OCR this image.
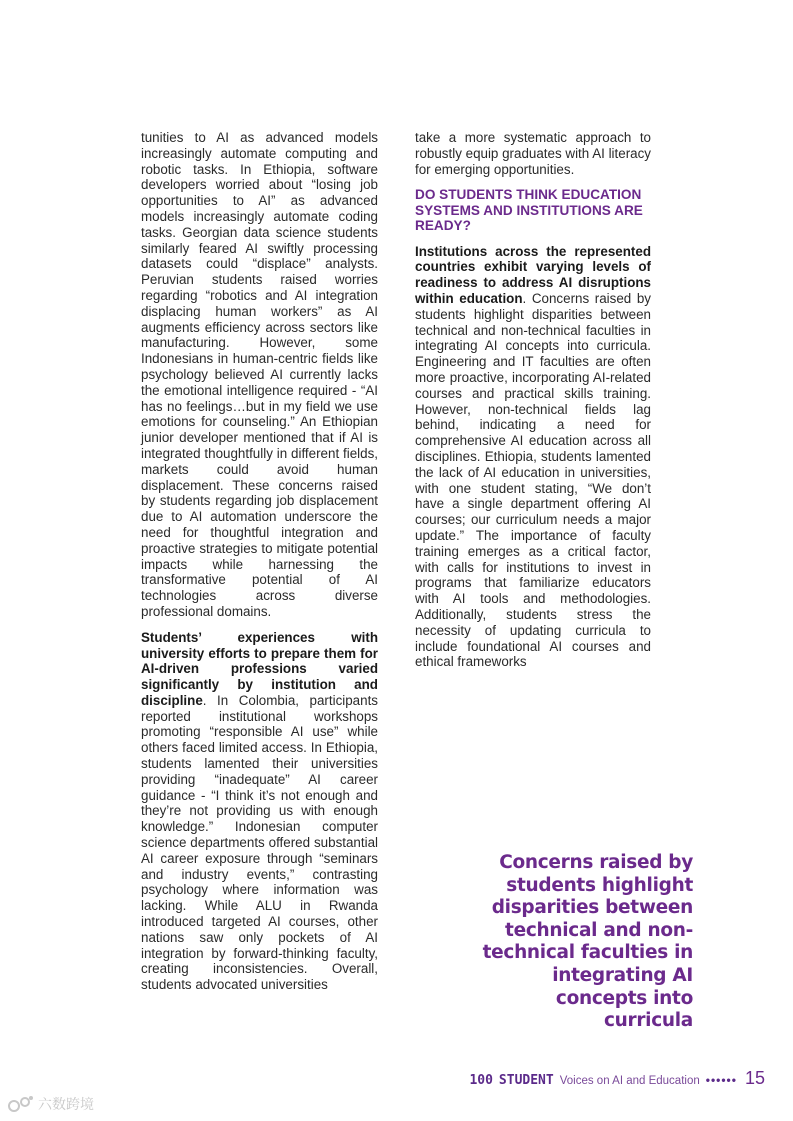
tunities to AI as advanced models increasingly automate computing and robotic tasks. In Ethiopia, software developers worried about “losing job opportunities to AI” as advanced models increasingly automate coding tasks. Georgian data science students similarly feared AI swiftly processing datasets could “displace” analysts. Peruvian students raised worries regarding “robotics and AI integration displacing human workers” as AI augments efficiency across sectors like manufacturing. However, some Indonesians in human-centric fields like psychology believed AI currently lacks the emotional intelligence required - “AI has no feelings…but in my field we use emotions for counseling.” An Ethiopian junior developer mentioned that if AI is integrated thoughtfully in different fields, markets could avoid human displacement. These concerns raised by students regarding job displacement due to AI automation underscore the need for thoughtful integration and proactive strategies to mitigate potential impacts while harnessing the transformative potential of AI technologies across diverse professional domains.

Students’ experiences with university efforts to prepare them for AI-driven professions varied significantly by institution and discipline. In Colombia, participants reported institutional workshops promoting “responsible AI use” while others faced limited access. In Ethiopia, students lamented their universities providing “inadequate” AI career guidance - “I think it’s not enough and they’re not providing us with enough knowledge.” Indonesian computer science departments offered substantial AI career exposure through “seminars and industry events,” contrasting psychology where information was lacking. While ALU in Rwanda introduced targeted AI courses, other nations saw only pockets of AI integration by forward-thinking faculty, creating inconsistencies. Overall, students advocated universities

take a more systematic approach to robustly equip graduates with AI literacy for emerging opportunities.

DO STUDENTS THINK EDUCATION SYSTEMS AND INSTITUTIONS ARE READY?

Institutions across the represented countries exhibit varying levels of readiness to address AI disruptions within education. Concerns raised by students highlight disparities between technical and non-technical faculties in integrating AI concepts into curricula. Engineering and IT faculties are often more proactive, incorporating AI-related courses and practical skills training. However, non-technical fields lag behind, indicating a need for comprehensive AI education across all disciplines. Ethiopia, students lamented the lack of AI education in universities, with one student stating, “We don’t have a single department offering AI courses; our curriculum needs a major update.” The importance of faculty training emerges as a critical factor, with calls for institutions to invest in programs that familiarize educators with AI tools and methodologies. Additionally, students stress the necessity of updating curricula to include foundational AI courses and ethical frameworks

Concerns raised by students highlight disparities between technical and non-technical faculties in integrating AI concepts into curricula
100 STUDENT Voices on AI and Education •••••• 15
六数跨境
